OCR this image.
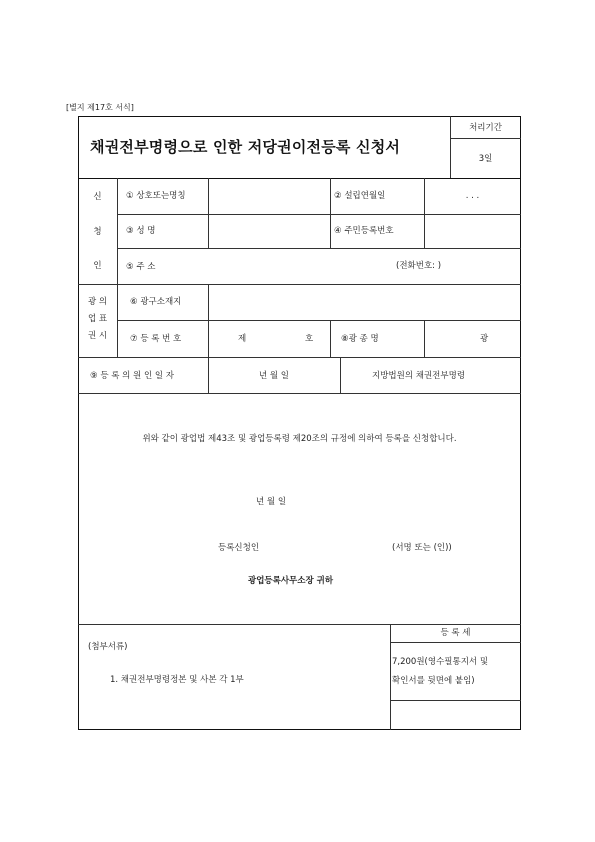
[별지 제17호 서식]
채권전부명령으로 인한 저당권이전등록 신청서
처리기간
3일
신
청
인
① 상호또는명칭	② 설립연월일	. . .
③ 성 명	④ 주민등록번호
⑤ 주 소	(전화번호: )
광 의
업 표
권 시
⑥ 광구소재지
⑦ 등 록 번 호	제	호	⑧광 종 명	광
⑨ 등 록 의 원 인 일 자	년 월 일	지방법원의 채권전부명령
위와 같이 광업법 제43조 및 광업등록령 제20조의 규정에 의하여 등록을 신청합니다.
년 월 일
등록신청인	(서명 또는 (인))
광업등록사무소장 귀하
(첨부서류)
1. 채권전부명령정본 및 사본 각 1부
등 록 세
7,200원(영수필통지서 및
확인서를 뒷면에 붙임)
